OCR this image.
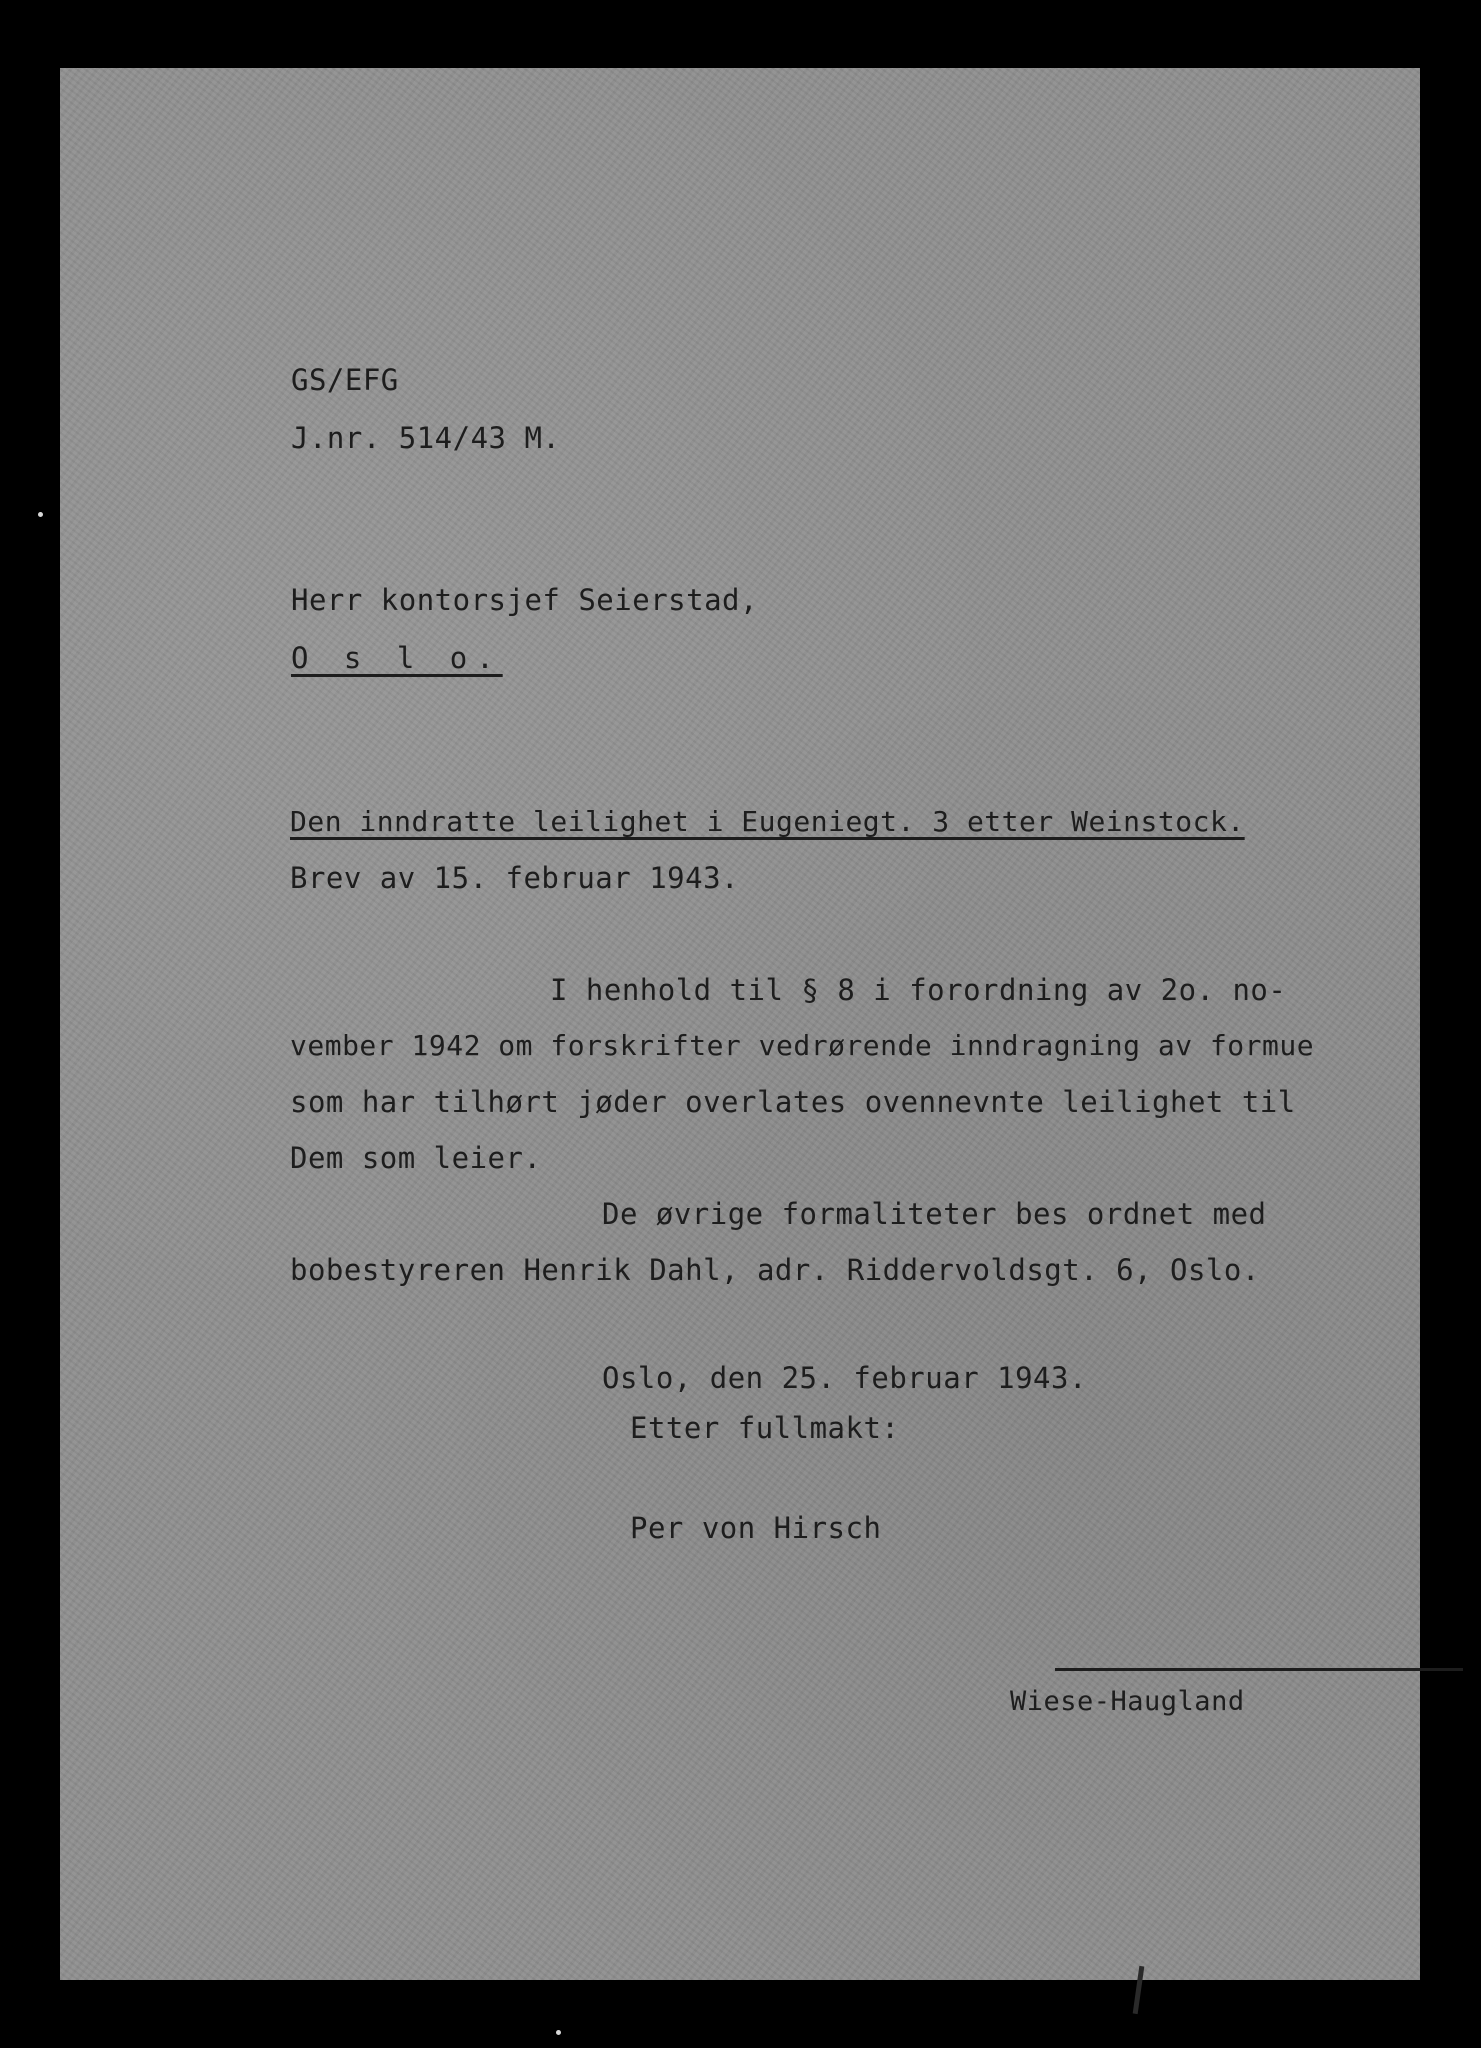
GS/EFG
J.nr. 514/43 M.
Herr kontorsjef Seierstad,
O s l o.
Den inndratte leilighet i Eugeniegt. 3 etter Weinstock.
Brev av 15. februar 1943.
I henhold til § 8 i forordning av 2o. no-
vember 1942 om forskrifter vedrørende inndragning av formue
som har tilhørt jøder overlates ovennevnte leilighet til
Dem som leier.
De øvrige formaliteter bes ordnet med
bobestyreren Henrik Dahl, adr. Riddervoldsgt. 6, Oslo.
Oslo, den 25. februar 1943.
Etter fullmakt:
Per von Hirsch
Wiese-Haugland
